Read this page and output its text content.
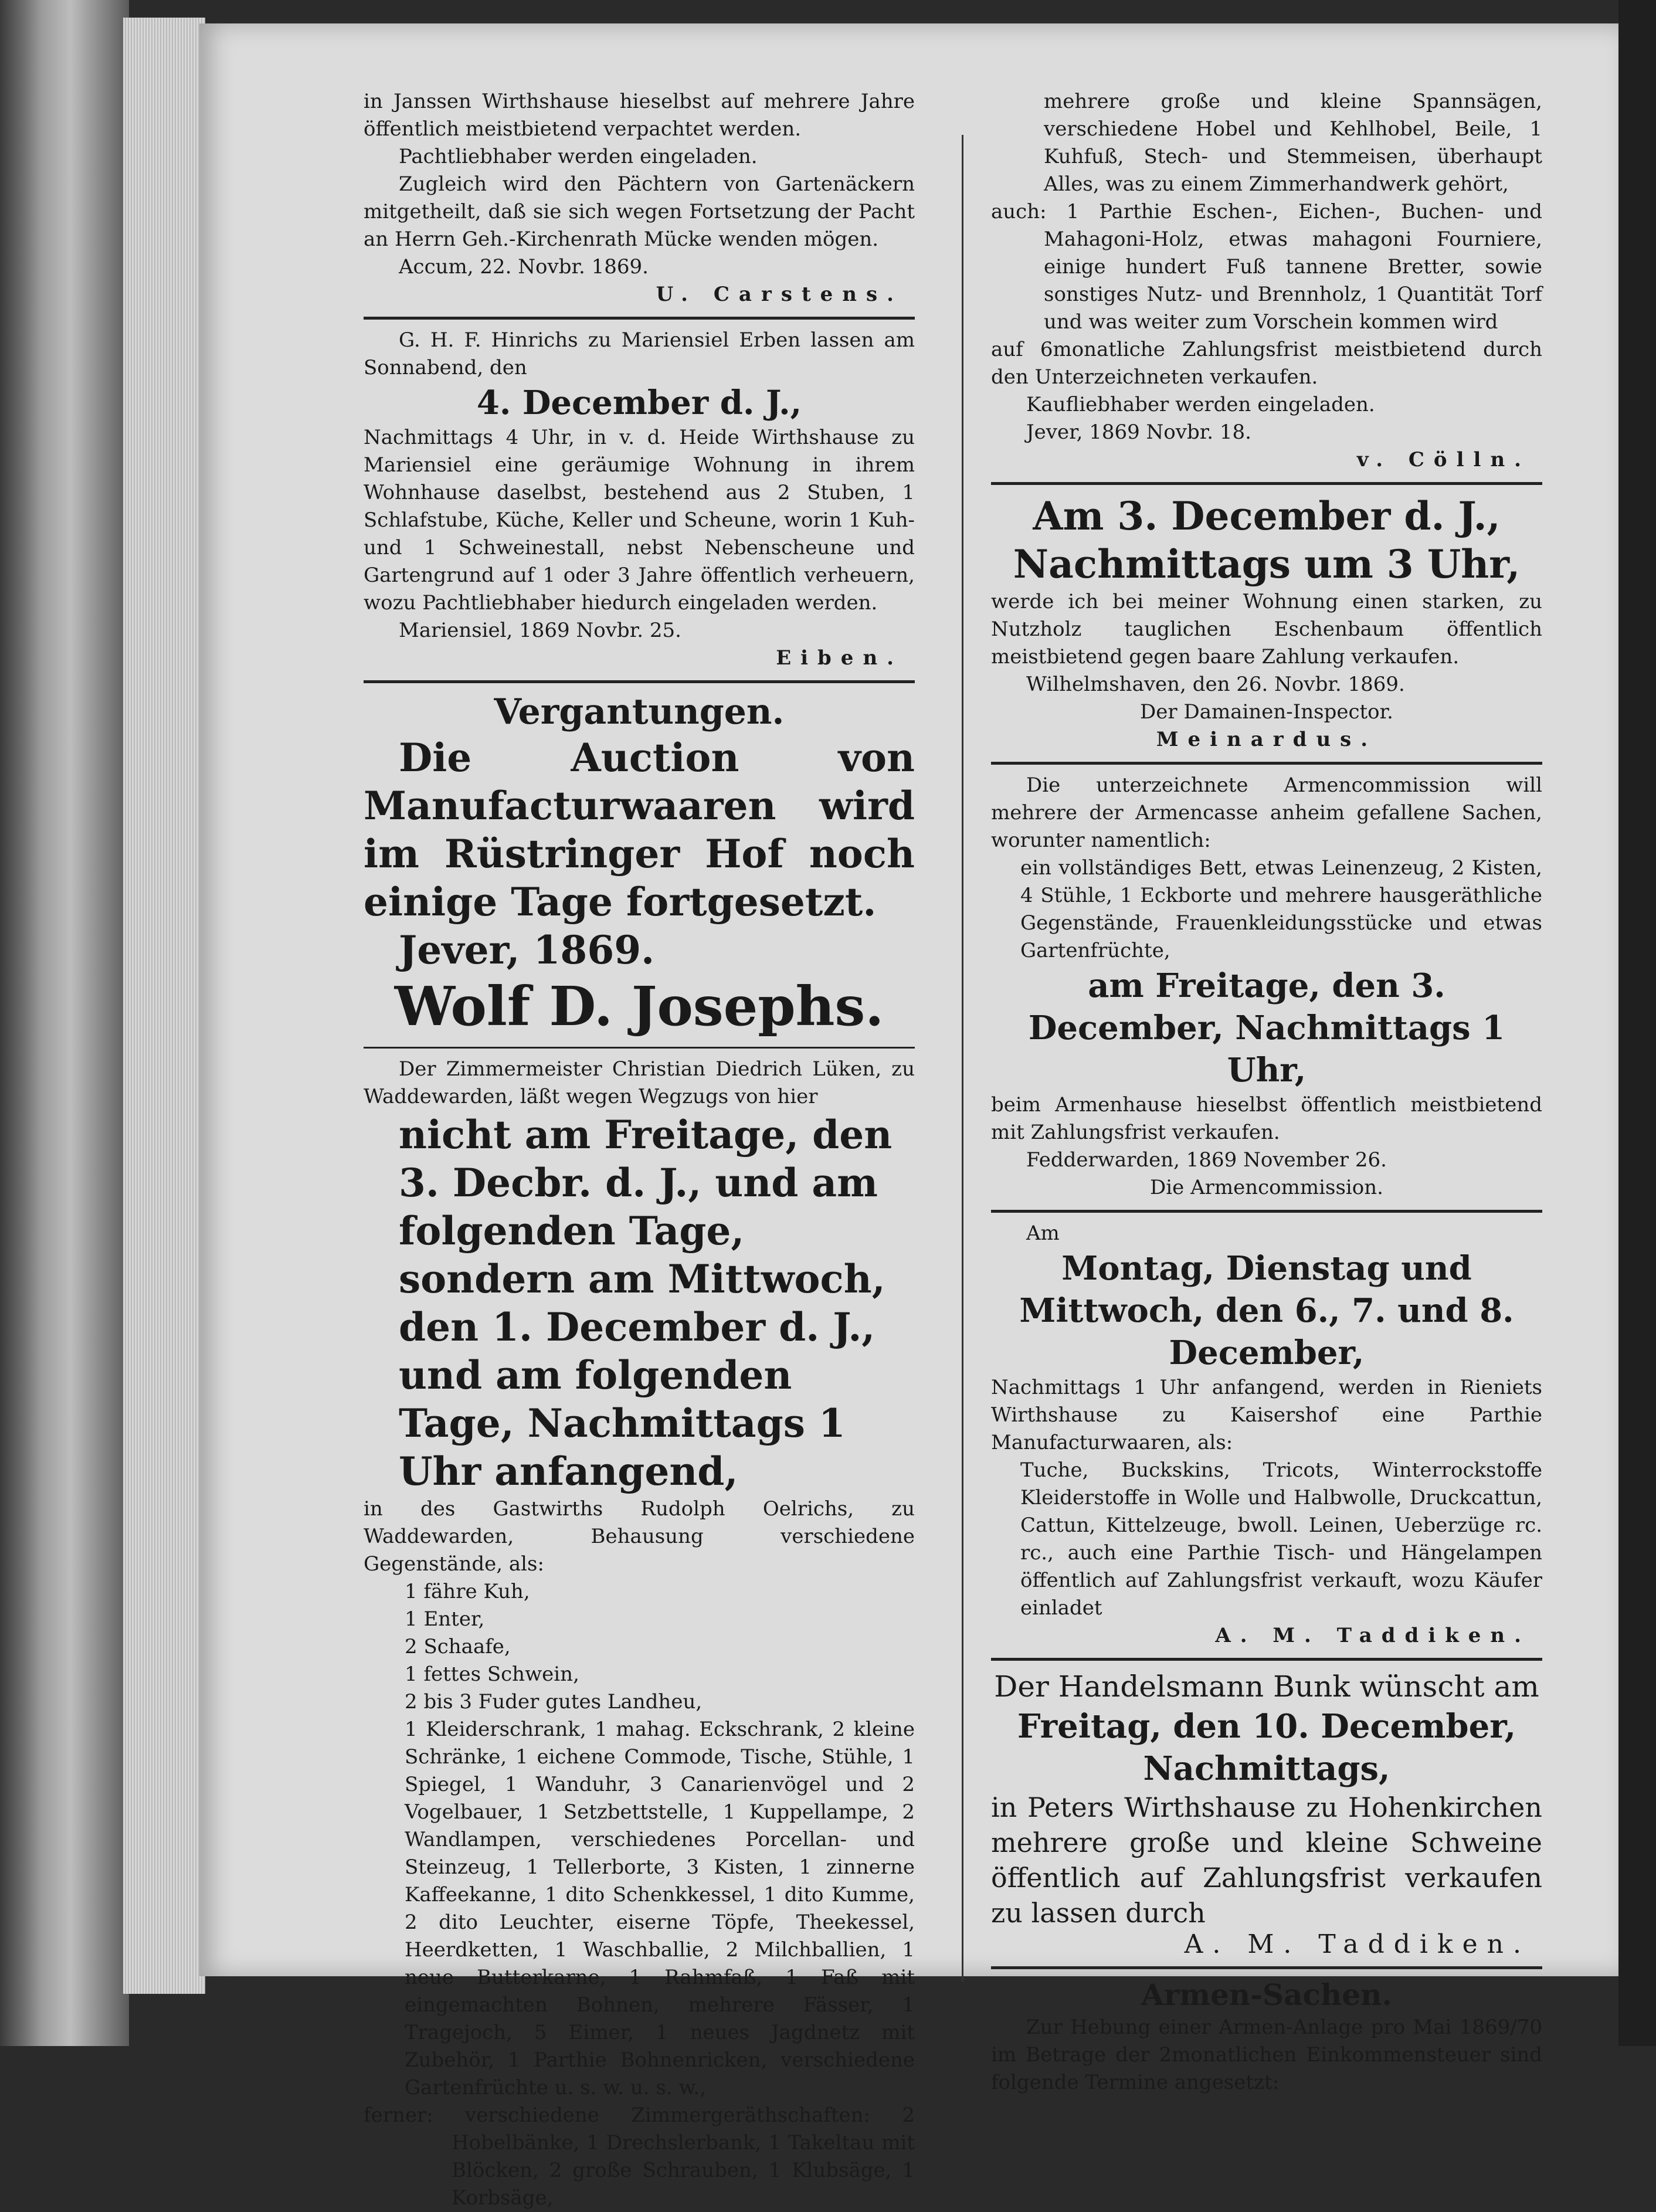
in Janssen Wirthshause hieselbst auf mehrere Jahre öffentlich meistbietend verpachtet werden.

Pachtliebhaber werden eingeladen.

Zugleich wird den Pächtern von Gartenäckern mitgetheilt, daß sie sich wegen Fortsetzung der Pacht an Herrn Geh.-Kirchenrath Mücke wenden mögen.

Accum, 22. Novbr. 1869.

U. Carstens.

G. H. F. Hinrichs zu Mariensiel Erben lassen am Sonnabend, den

4. December d. J.,

Nachmittags 4 Uhr, in v. d. Heide Wirthshause zu Mariensiel eine geräumige Wohnung in ihrem Wohnhause daselbst, bestehend aus 2 Stuben, 1 Schlafstube, Küche, Keller und Scheune, worin 1 Kuh- und 1 Schweinestall, nebst Nebenscheune und Gartengrund auf 1 oder 3 Jahre öffentlich verheuern, wozu Pachtliebhaber hiedurch eingeladen werden.

Mariensiel, 1869 Novbr. 25.

Eiben.

Vergantungen.

Die Auction von Manufacturwaaren wird im Rüstringer Hof noch einige Tage fortgesetzt.

Jever, 1869.

Wolf D. Josephs.

Der Zimmermeister Christian Diedrich Lüken, zu Waddewarden, läßt wegen Wegzugs von hier

nicht am Freitage, den 3. Decbr. d. J., und am folgenden Tage, sondern am Mittwoch, den 1. December d. J., und am folgenden Tage, Nachmittags 1 Uhr anfangend,

in des Gastwirths Rudolph Oelrichs, zu Waddewarden, Behausung verschiedene Gegenstände, als:

1 fähre Kuh,

1 Enter,

2 Schaafe,

1 fettes Schwein,

2 bis 3 Fuder gutes Landheu,

1 Kleiderschrank, 1 mahag. Eckschrank, 2 kleine Schränke, 1 eichene Commode, Tische, Stühle, 1 Spiegel, 1 Wanduhr, 3 Canarienvögel und 2 Vogelbauer, 1 Setzbettstelle, 1 Kuppellampe, 2 Wandlampen, verschiedenes Porcellan- und Steinzeug, 1 Tellerborte, 3 Kisten, 1 zinnerne Kaffeekanne, 1 dito Schenkkessel, 1 dito Kumme, 2 dito Leuchter, eiserne Töpfe, Theekessel, Heerdketten, 1 Waschballie, 2 Milchballien, 1 neue Butterkarne, 1 Rahmfaß, 1 Faß mit eingemachten Bohnen, mehrere Fässer, 1 Tragejoch, 5 Eimer, 1 neues Jagdnetz mit Zubehör, 1 Parthie Bohnenricken, verschiedene Gartenfrüchte u. s. w. u. s. w.,

ferner: verschiedene Zimmergeräthschaften: 2 Hobelbänke, 1 Drechslerbank, 1 Takeltau mit Blöcken, 2 große Schrauben, 1 Klubsäge, 1 Korbsäge,

mehrere große und kleine Spannsägen, verschiedene Hobel und Kehlhobel, Beile, 1 Kuhfuß, Stech- und Stemmeisen, überhaupt Alles, was zu einem Zimmerhandwerk gehört,

auch: 1 Parthie Eschen-, Eichen-, Buchen- und Mahagoni-Holz, etwas mahagoni Fourniere, einige hundert Fuß tannene Bretter, sowie sonstiges Nutz- und Brennholz, 1 Quantität Torf und was weiter zum Vorschein kommen wird

auf 6monatliche Zahlungsfrist meistbietend durch den Unterzeichneten verkaufen.

Kaufliebhaber werden eingeladen.

Jever, 1869 Novbr. 18.

v. Cölln.

Am 3. December d. J., Nachmittags um 3 Uhr,

werde ich bei meiner Wohnung einen starken, zu Nutzholz tauglichen Eschenbaum öffentlich meistbietend gegen baare Zahlung verkaufen.

Wilhelmshaven, den 26. Novbr. 1869.

Der Damainen-Inspector.

Meinardus.

Die unterzeichnete Armencommission will mehrere der Armencasse anheim gefallene Sachen, worunter namentlich:

ein vollständiges Bett, etwas Leinenzeug, 2 Kisten, 4 Stühle, 1 Eckborte und mehrere hausgeräthliche Gegenstände, Frauenkleidungsstücke und etwas Gartenfrüchte,

am Freitage, den 3. December, Nachmittags 1 Uhr,

beim Armenhause hieselbst öffentlich meistbietend mit Zahlungsfrist verkaufen.

Fedderwarden, 1869 November 26.

Die Armencommission.

Am

Montag, Dienstag und Mittwoch, den 6., 7. und 8. December,

Nachmittags 1 Uhr anfangend, werden in Rieniets Wirthshause zu Kaisershof eine Parthie Manufacturwaaren, als:

Tuche, Buckskins, Tricots, Winterrockstoffe Kleiderstoffe in Wolle und Halbwolle, Druckcattun, Cattun, Kittelzeuge, bwoll. Leinen, Ueberzüge rc. rc., auch eine Parthie Tisch- und Hängelampen öffentlich auf Zahlungsfrist verkauft, wozu Käufer einladet

A. M. Taddiken.

Der Handelsmann Bunk wünscht am

Freitag, den 10. December, Nachmittags,

in Peters Wirthshause zu Hohenkirchen mehrere große und kleine Schweine öffentlich auf Zahlungsfrist verkaufen zu lassen durch

A. M. Taddiken.

Armen-Sachen.

Zur Hebung einer Armen-Anlage pro Mai 1869/70 im Betrage der 2monatlichen Einkommensteuer sind folgende Termine angesetzt:
